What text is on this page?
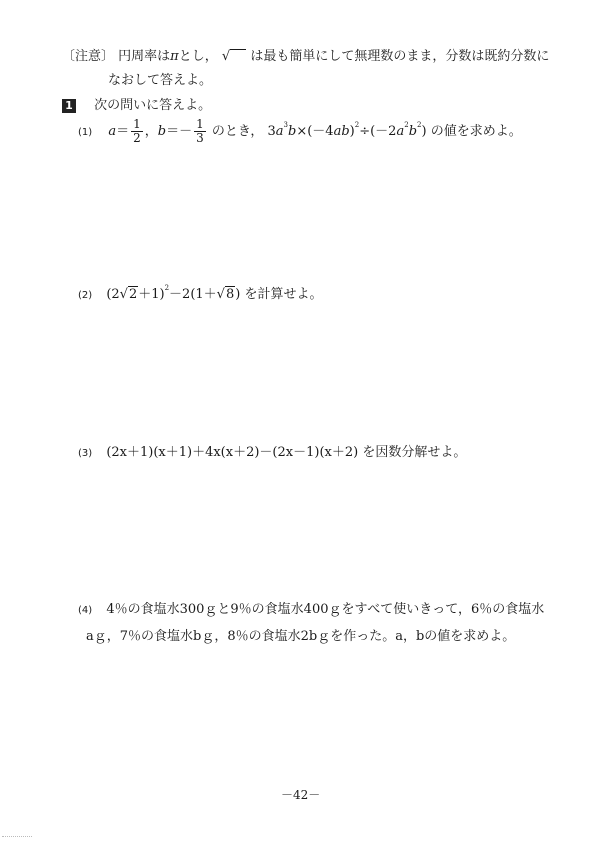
〔注意〕 円周率はπとし， √ は最も簡単にして無理数のまま，分数は既約分数に
なおして答えよ。
1 次の問いに答えよ。
(1) $a= \frac{1}{2}$ ，$b=- \frac{1}{3}$ のとき， $3a^3b\times(-4ab)^2\div(-2a^2b^2)$ の値を求めよ。
(2) $(2√2+1)^2-2(1+√8)$ を計算せよ。
(3) (2x＋1)(x＋1)＋4x(x＋2)－(2x－1)(x＋2) を因数分解せよ。
(4) 4％の食塩水300ｇと9％の食塩水400ｇをすべて使いきって，6％の食塩水
aｇ，7％の食塩水bｇ，8％の食塩水2bｇを作った。a，bの値を求めよ。
－42－
